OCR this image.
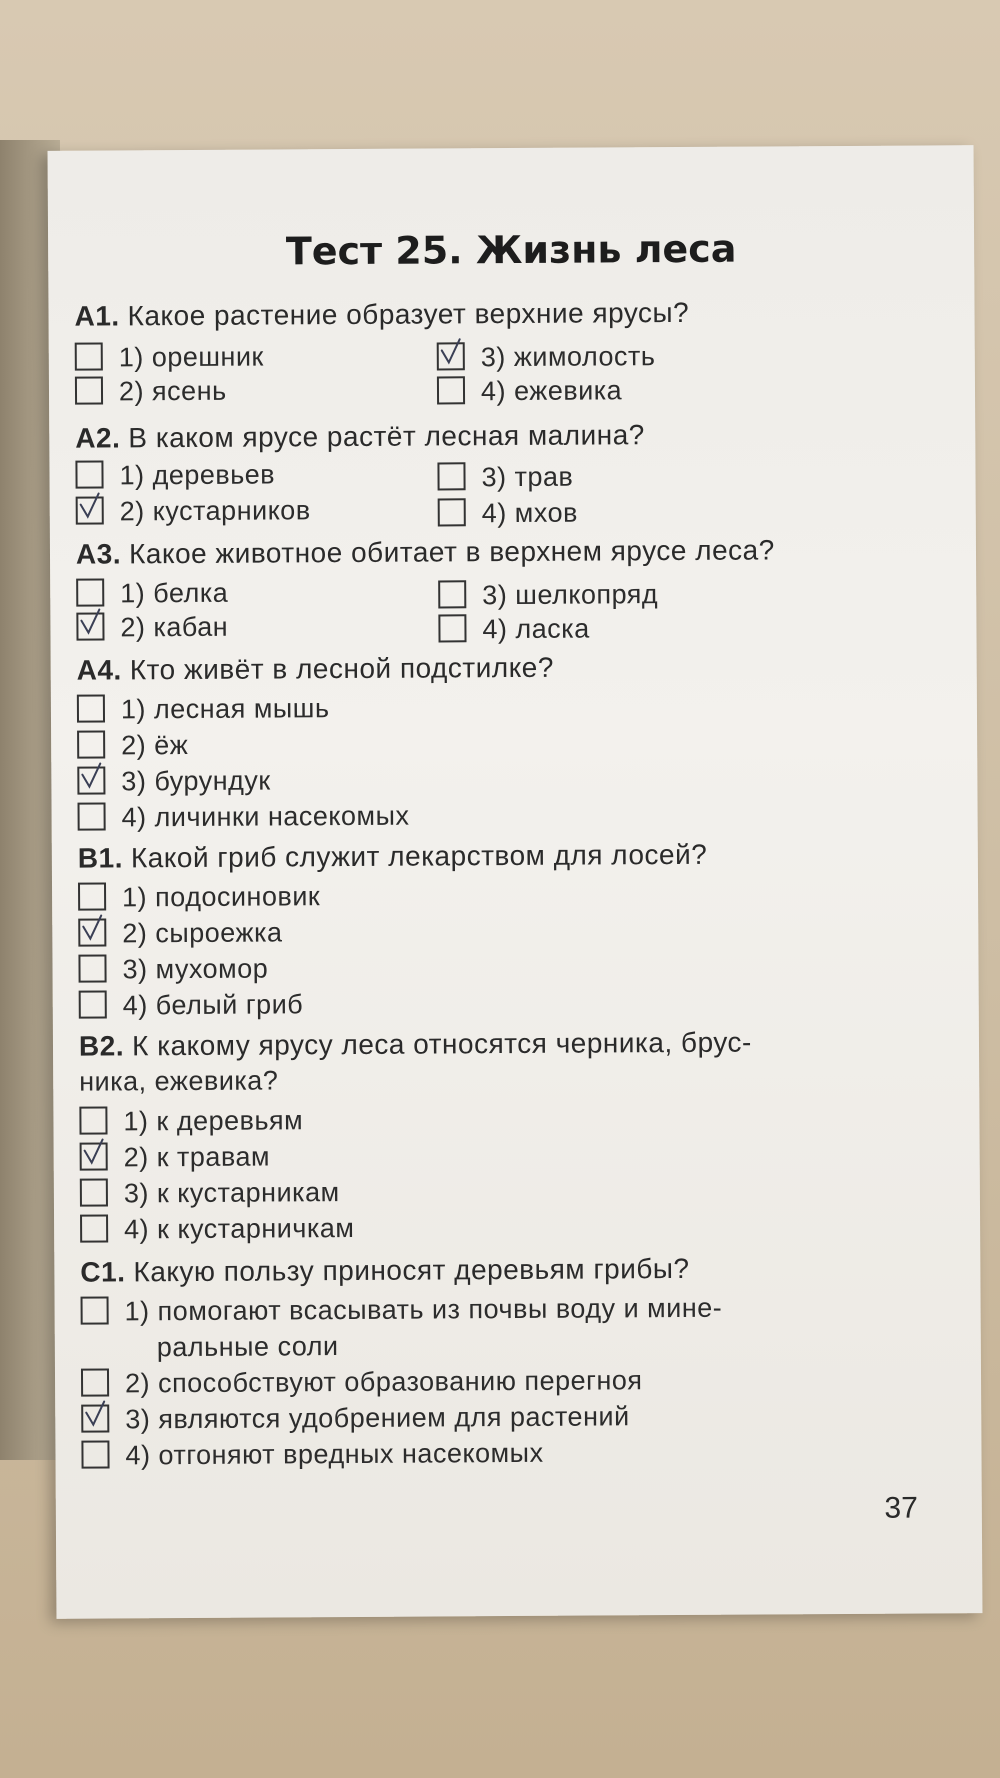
Тест 25. Жизнь леса
А1. Какое растение образует верхние ярусы?
1) орешник
2) ясень
3) жимолость
4) ежевика
А2. В каком ярусе растёт лесная малина?
1) деревьев
2) кустарников
3) трав
4) мхов
А3. Какое животное обитает в верхнем ярусе леса?
1) белка
2) кабан
3) шелкопряд
4) ласка
А4. Кто живёт в лесной подстилке?
1) лесная мышь
2) ёж
3) бурундук
4) личинки насекомых
В1. Какой гриб служит лекарством для лосей?
1) подосиновик
2) сыроежка
3) мухомор
4) белый гриб
В2. К какому ярусу леса относятся черника, брус-
ника, ежевика?
1) к деревьям
2) к травам
3) к кустарникам
4) к кустарничкам
С1. Какую пользу приносят деревьям грибы?
1) помогают всасывать из почвы воду и мине-
ральные соли
2) способствуют образованию перегноя
3) являются удобрением для растений
4) отгоняют вредных насекомых
37
